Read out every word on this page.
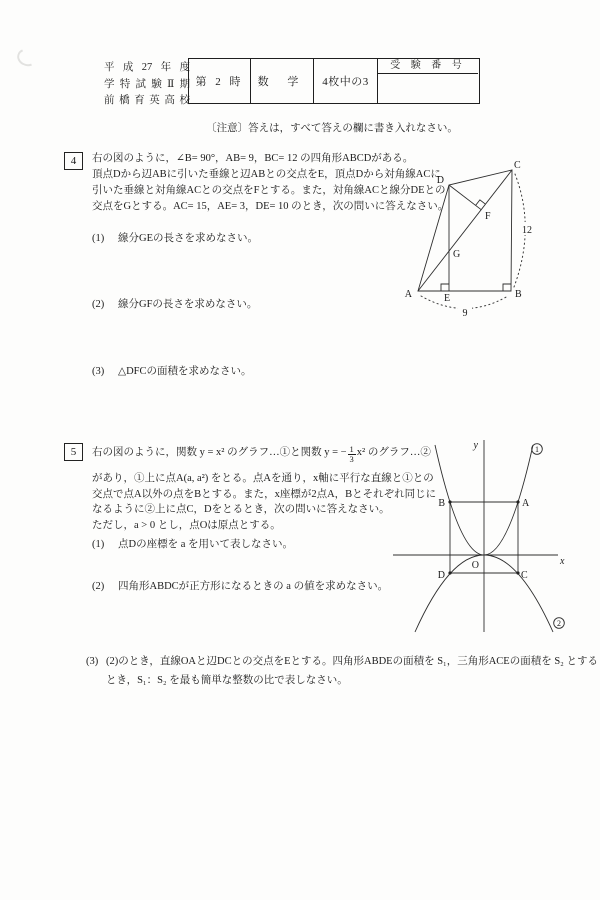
平成27年度
学特試験Ⅱ期
前橋育英高校
第 2 時	数 学	4枚中の3
受 験 番 号
〔注意〕答えは，すべて答えの欄に書き入れなさい。
4	右の図のように，∠B= 90°，AB= 9，BC= 12 の四角形ABCDがある。
頂点Dから辺ABに引いた垂線と辺ABとの交点をE，頂点Dから対角線ACに
引いた垂線と対角線ACとの交点をFとする。また，対角線ACと線分DEとの
交点をGとする。AC= 15，AE= 3，DE= 10 のとき，次の問いに答えなさい。
(1)	線分GEの長さを求めなさい。
(2)	線分GFの長さを求めなさい。
(3)	△DFCの面積を求めなさい。
12
9
A	B
C
D
E
F
G
5	右の図のように，関数 y = x² のグラフ…①と関数 y = − $\frac{1}{3} x^2$ のグラフ…②
があり，①上に点A(a, a²) をとる。点Aを通り，x軸に平行な直線と①との
交点で点A以外の点をBとする。また，x座標が2点A，Bとそれぞれ同じに
なるように②上に点C，Dをとるとき，次の問いに答えなさい。
ただし，a > 0 とし，点Oは原点とする。
(1)	点Dの座標を a を用いて表しなさい。
(2)	四角形ABDCが正方形になるときの a の値を求めなさい。
(3) (2)のとき，直線OAと辺DCとの交点をEとする。四角形ABDEの面積を S₁，三角形ACEの面積を S₂ とする
とき，S₁：S₂ を最も簡単な整数の比で表しなさい。
y
x
O
B	A
D	C
1
2
